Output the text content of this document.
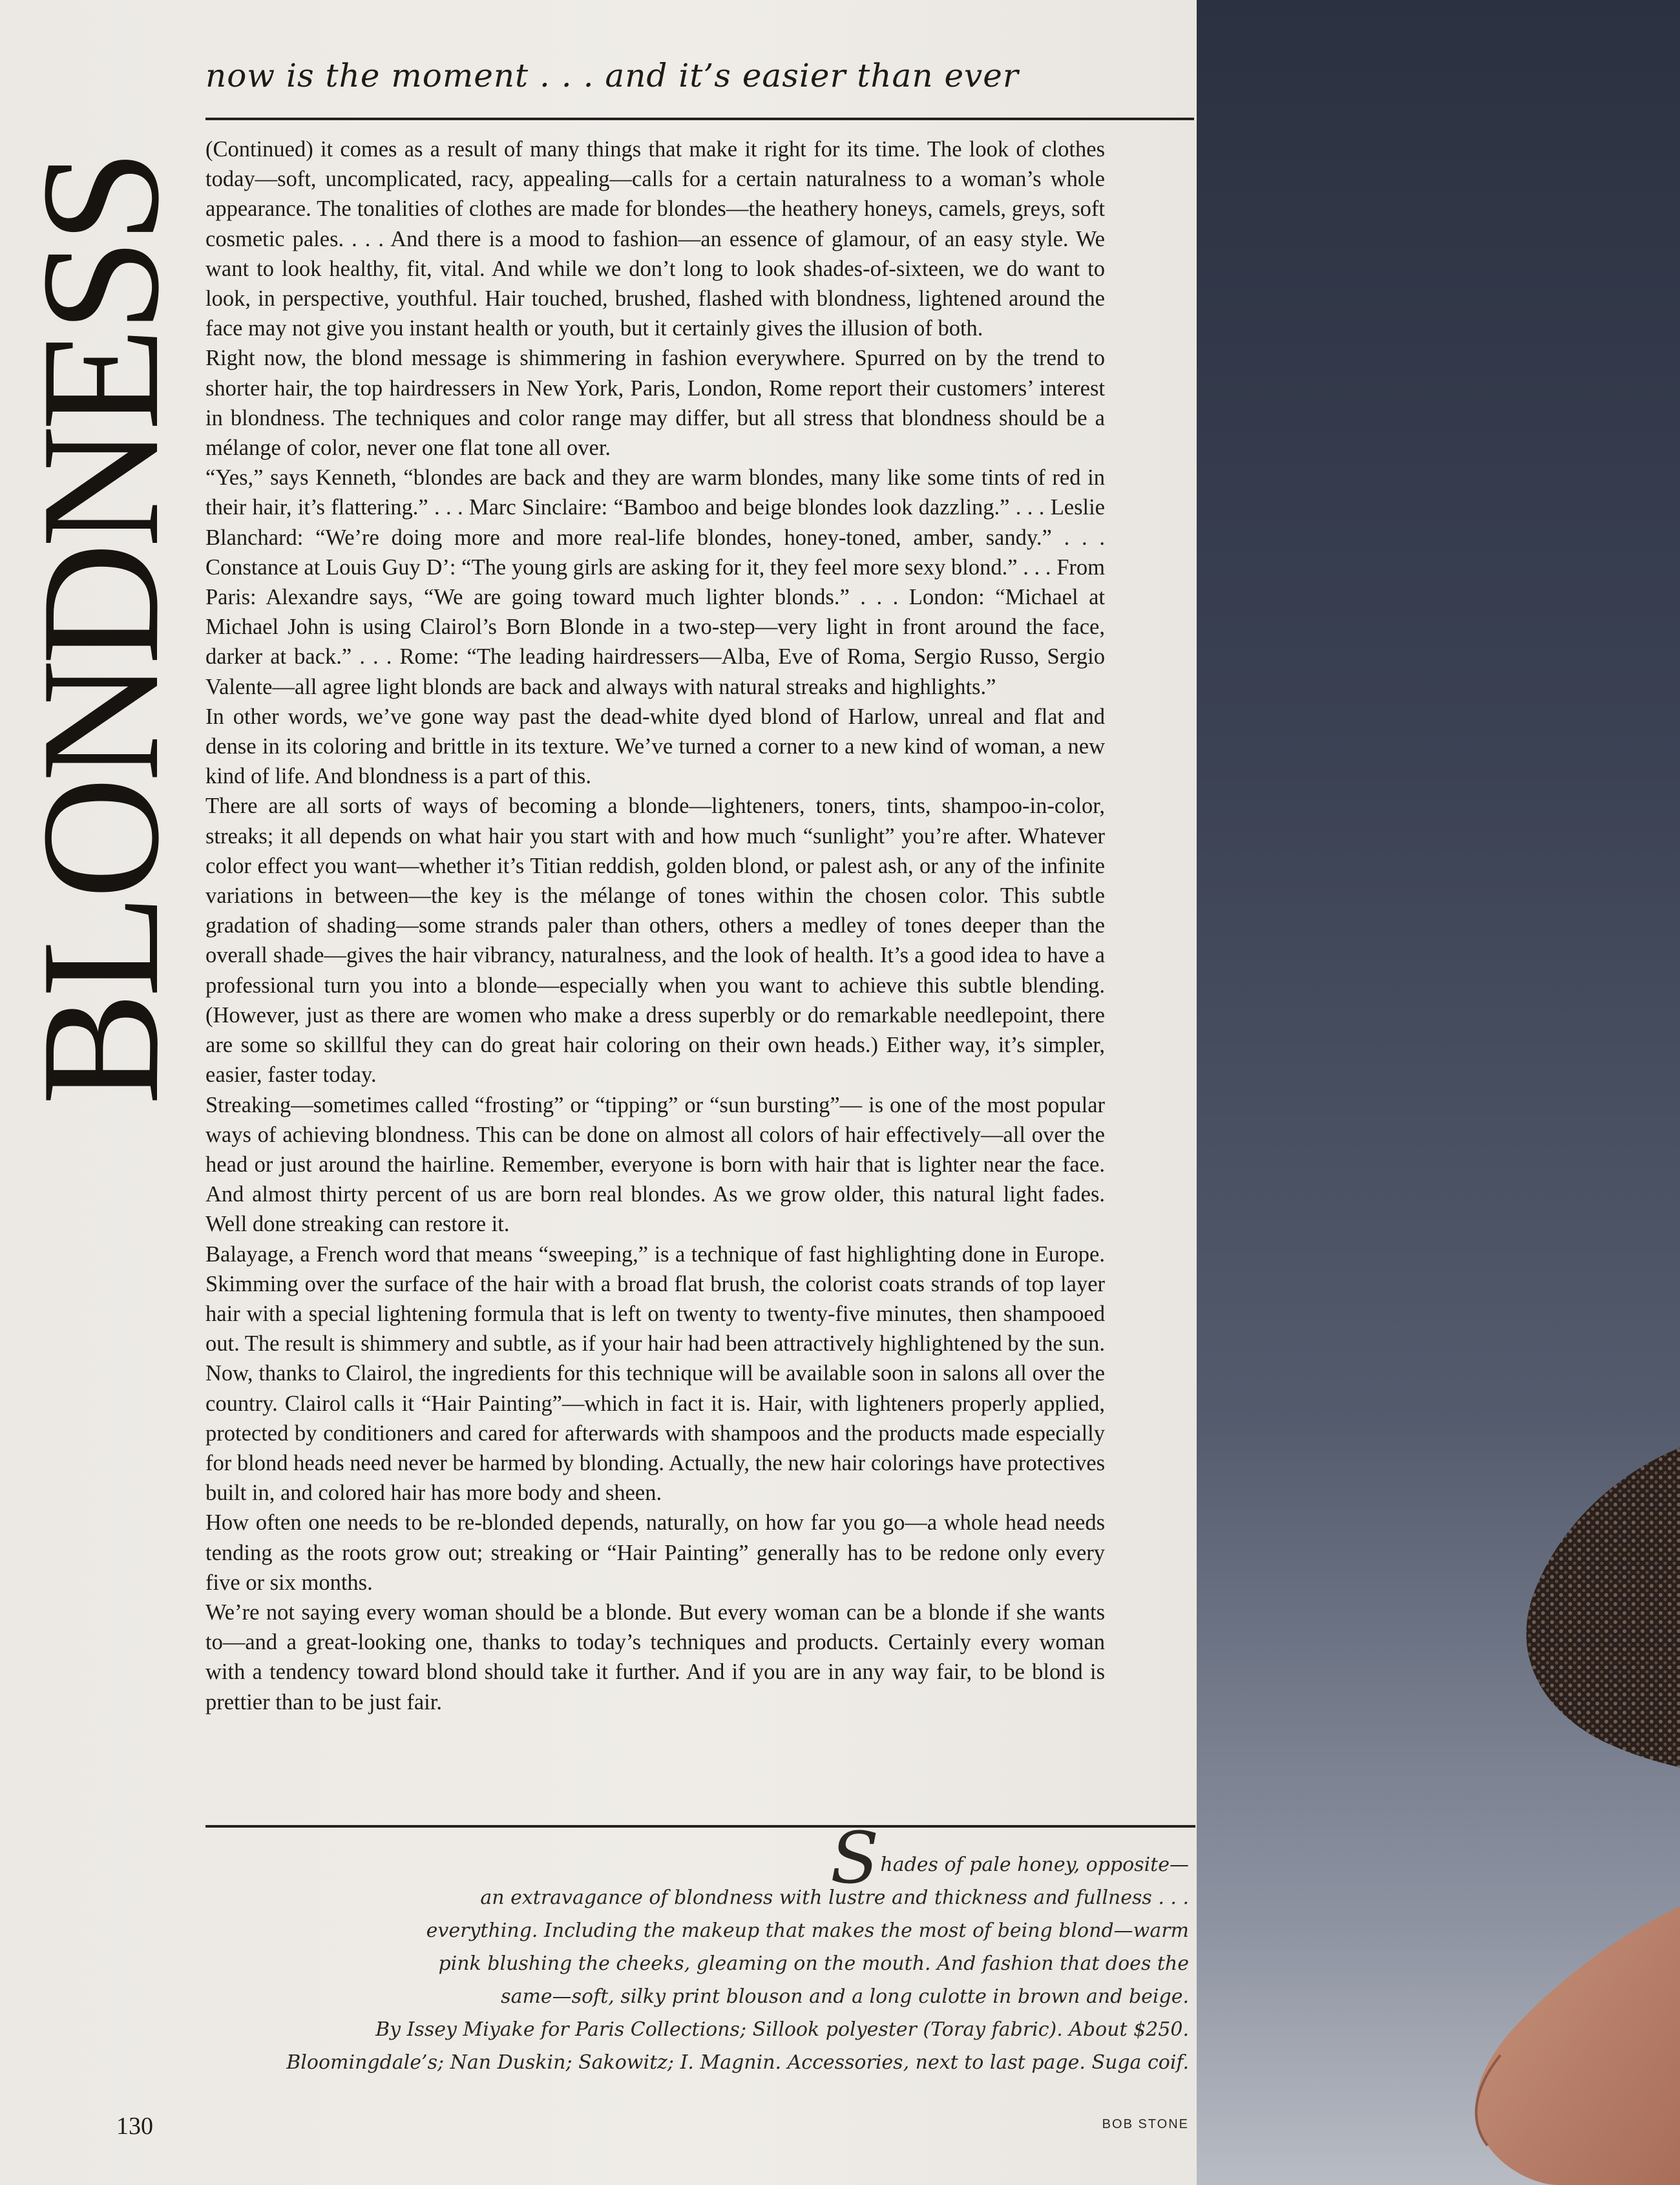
BLONDNESS
now is the moment . . . and it’s easier than ever

(Continued) it comes as a result of many things that make it right for its time. The look of clothes today—soft, uncomplicated, racy, appealing—calls for a certain naturalness to a woman’s whole appearance. The tonalities of clothes are made for blondes—the heathery honeys, camels, greys, soft cosmetic pales. . . . And there is a mood to fashion—an essence of glamour, of an easy style. We want to look healthy, fit, vital. And while we don’t long to look shades-of-sixteen, we do want to look, in perspective, youthful. Hair touched, brushed, flashed with blondness, lightened around the face may not give you instant health or youth, but it certainly gives the illusion of both.

Right now, the blond message is shimmering in fashion everywhere. Spurred on by the trend to shorter hair, the top hairdressers in New York, Paris, London, Rome report their customers’ interest in blondness. The techniques and color range may differ, but all stress that blondness should be a mélange of color, never one flat tone all over.

“Yes,” says Kenneth, “blondes are back and they are warm blondes, many like some tints of red in their hair, it’s flattering.” . . . Marc Sinclaire: “Bamboo and beige blondes look dazzling.” . . . Leslie Blanchard: “We’re doing more and more real-life blondes, honey-toned, amber, sandy.” . . . Constance at Louis Guy D’: “The young girls are asking for it, they feel more sexy blond.” . . . From Paris: Alexandre says, “We are going toward much lighter blonds.” . . . London: “Michael at Michael John is using Clairol’s Born Blonde in a two-step—very light in front around the face, darker at back.” . . . Rome: “The leading hairdressers—Alba, Eve of Roma, Sergio Russo, Sergio Valente—all agree light blonds are back and always with natural streaks and highlights.”

In other words, we’ve gone way past the dead-white dyed blond of Harlow, unreal and flat and dense in its coloring and brittle in its texture. We’ve turned a corner to a new kind of woman, a new kind of life. And blondness is a part of this.

There are all sorts of ways of becoming a blonde—lighteners, toners, tints, shampoo-in-color, streaks; it all depends on what hair you start with and how much “sunlight” you’re after. Whatever color effect you want—whether it’s Titian reddish, golden blond, or palest ash, or any of the infinite variations in between—the key is the mélange of tones within the chosen color. This subtle gradation of shading—some strands paler than others, others a medley of tones deeper than the overall shade—gives the hair vibrancy, naturalness, and the look of health. It’s a good idea to have a professional turn you into a blonde—especially when you want to achieve this subtle blending. (However, just as there are women who make a dress superbly or do remarkable needlepoint, there are some so skillful they can do great hair coloring on their own heads.) Either way, it’s simpler, easier, faster today.

Streaking—sometimes called “frosting” or “tipping” or “sun bursting”— is one of the most popular ways of achieving blondness. This can be done on almost all colors of hair effectively—all over the head or just around the hairline. Remember, everyone is born with hair that is lighter near the face. And almost thirty percent of us are born real blondes. As we grow older, this natural light fades. Well done streaking can restore it.

Balayage, a French word that means “sweeping,” is a technique of fast highlighting done in Europe. Skimming over the surface of the hair with a broad flat brush, the colorist coats strands of top layer hair with a special lightening formula that is left on twenty to twenty-five minutes, then shampooed out. The result is shimmery and subtle, as if your hair had been attractively highlightened by the sun. Now, thanks to Clairol, the ingredients for this technique will be available soon in salons all over the country. Clairol calls it “Hair Painting”—which in fact it is. Hair, with lighteners properly applied, protected by conditioners and cared for afterwards with shampoos and the products made especially for blond heads need never be harmed by blonding. Actually, the new hair colorings have protectives built in, and colored hair has more body and sheen.

How often one needs to be re-blonded depends, naturally, on how far you go—a whole head needs tending as the roots grow out; streaking or “Hair Painting” generally has to be redone only every five or six months.

We’re not saying every woman should be a blonde. But every woman can be a blonde if she wants to—and a great-looking one, thanks to today’s techniques and products. Certainly every woman with a tendency toward blond should take it further. And if you are in any way fair, to be blond is prettier than to be just fair.

Shades of pale honey, opposite—
an extravagance of blondness with lustre and thickness and fullness . . .
everything. Including the makeup that makes the most of being blond—warm
pink blushing the cheeks, gleaming on the mouth. And fashion that does the
same—soft, silky print blouson and a long culotte in brown and beige.
By Issey Miyake for Paris Collections; Sillook polyester (Toray fabric). About $250.
Bloomingdale’s; Nan Duskin; Sakowitz; I. Magnin. Accessories, next to last page. Suga coif.
130	BOB STONE
